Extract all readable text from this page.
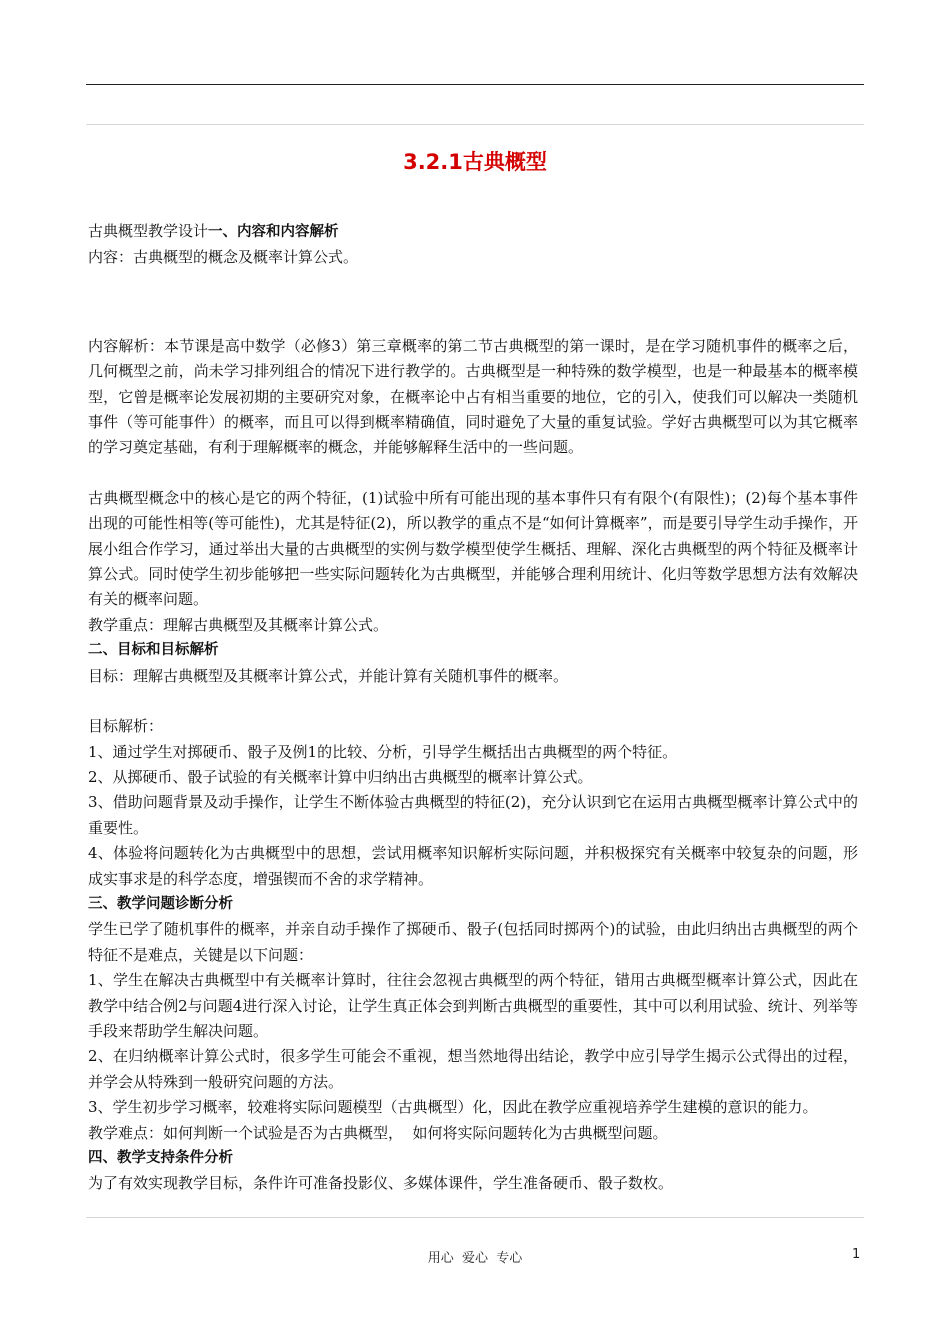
3.2.1古典概型

古典概型教学设计一、内容和内容解析

内容：古典概型的概念及概率计算公式。

内容解析：本节课是高中数学（必修3）第三章概率的第二节古典概型的第一课时，是在学习随机事件的概率之后，几何概型之前，尚未学习排列组合的情况下进行教学的。古典概型是一种特殊的数学模型，也是一种最基本的概率模型，它曾是概率论发展初期的主要研究对象，在概率论中占有相当重要的地位，它的引入，使我们可以解决一类随机事件（等可能事件）的概率，而且可以得到概率精确值，同时避免了大量的重复试验。学好古典概型可以为其它概率的学习奠定基础，有利于理解概率的概念，并能够解释生活中的一些问题。

古典概型概念中的核心是它的两个特征，(1)试验中所有可能出现的基本事件只有有限个(有限性)；(2)每个基本事件出现的可能性相等(等可能性)，尤其是特征(2)，所以教学的重点不是“如何计算概率”，而是要引导学生动手操作，开展小组合作学习，通过举出大量的古典概型的实例与数学模型使学生概括、理解、深化古典概型的两个特征及概率计算公式。同时使学生初步能够把一些实际问题转化为古典概型，并能够合理利用统计、化归等数学思想方法有效解决有关的概率问题。

教学重点：理解古典概型及其概率计算公式。

二、目标和目标解析

目标：理解古典概型及其概率计算公式，并能计算有关随机事件的概率。

目标解析：

1、通过学生对掷硬币、骰子及例1的比较、分析，引导学生概括出古典概型的两个特征。

2、从掷硬币、骰子试验的有关概率计算中归纳出古典概型的概率计算公式。

3、借助问题背景及动手操作，让学生不断体验古典概型的特征(2)，充分认识到它在运用古典概型概率计算公式中的重要性。

4、体验将问题转化为古典概型中的思想，尝试用概率知识解析实际问题，并积极探究有关概率中较复杂的问题，形成实事求是的科学态度，增强锲而不舍的求学精神。

三、教学问题诊断分析

学生已学了随机事件的概率，并亲自动手操作了掷硬币、骰子(包括同时掷两个)的试验，由此归纳出古典概型的两个特征不是难点，关键是以下问题：

1、学生在解决古典概型中有关概率计算时，往往会忽视古典概型的两个特征，错用古典概型概率计算公式，因此在教学中结合例2与问题4进行深入讨论，让学生真正体会到判断古典概型的重要性，其中可以利用试验、统计、列举等手段来帮助学生解决问题。

2、在归纳概率计算公式时，很多学生可能会不重视，想当然地得出结论，教学中应引导学生揭示公式得出的过程，并学会从特殊到一般研究问题的方法。

3、学生初步学习概率，较难将实际问题模型（古典概型）化，因此在教学应重视培养学生建模的意识的能力。

教学难点：如何判断一个试验是否为古典概型，  如何将实际问题转化为古典概型问题。

四、教学支持条件分析

为了有效实现教学目标，条件许可准备投影仪、多媒体课件，学生准备硬币、骰子数枚。

用心  爱心  专心	1
